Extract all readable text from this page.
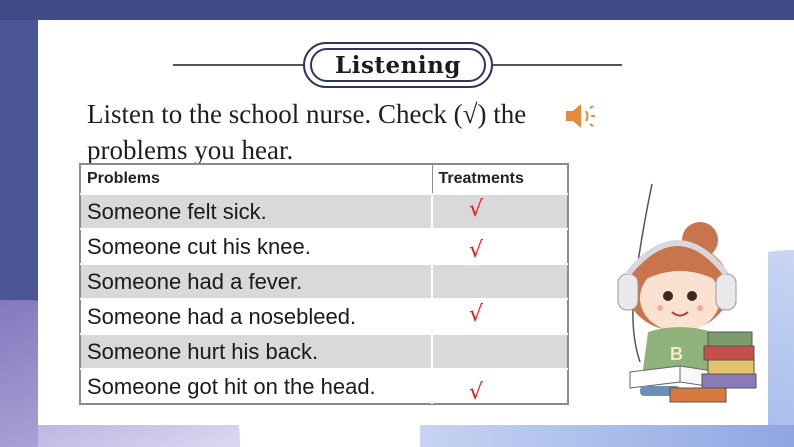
Listening
Listen to the school nurse. Check (√) the problems you hear.
Problems	Treatments
Someone felt sick.	√

Someone cut his knee.	√

Someone had a fever.	

Someone had a nosebleed.	√

Someone hurt his back.	

Someone got hit on the head.	√
B
